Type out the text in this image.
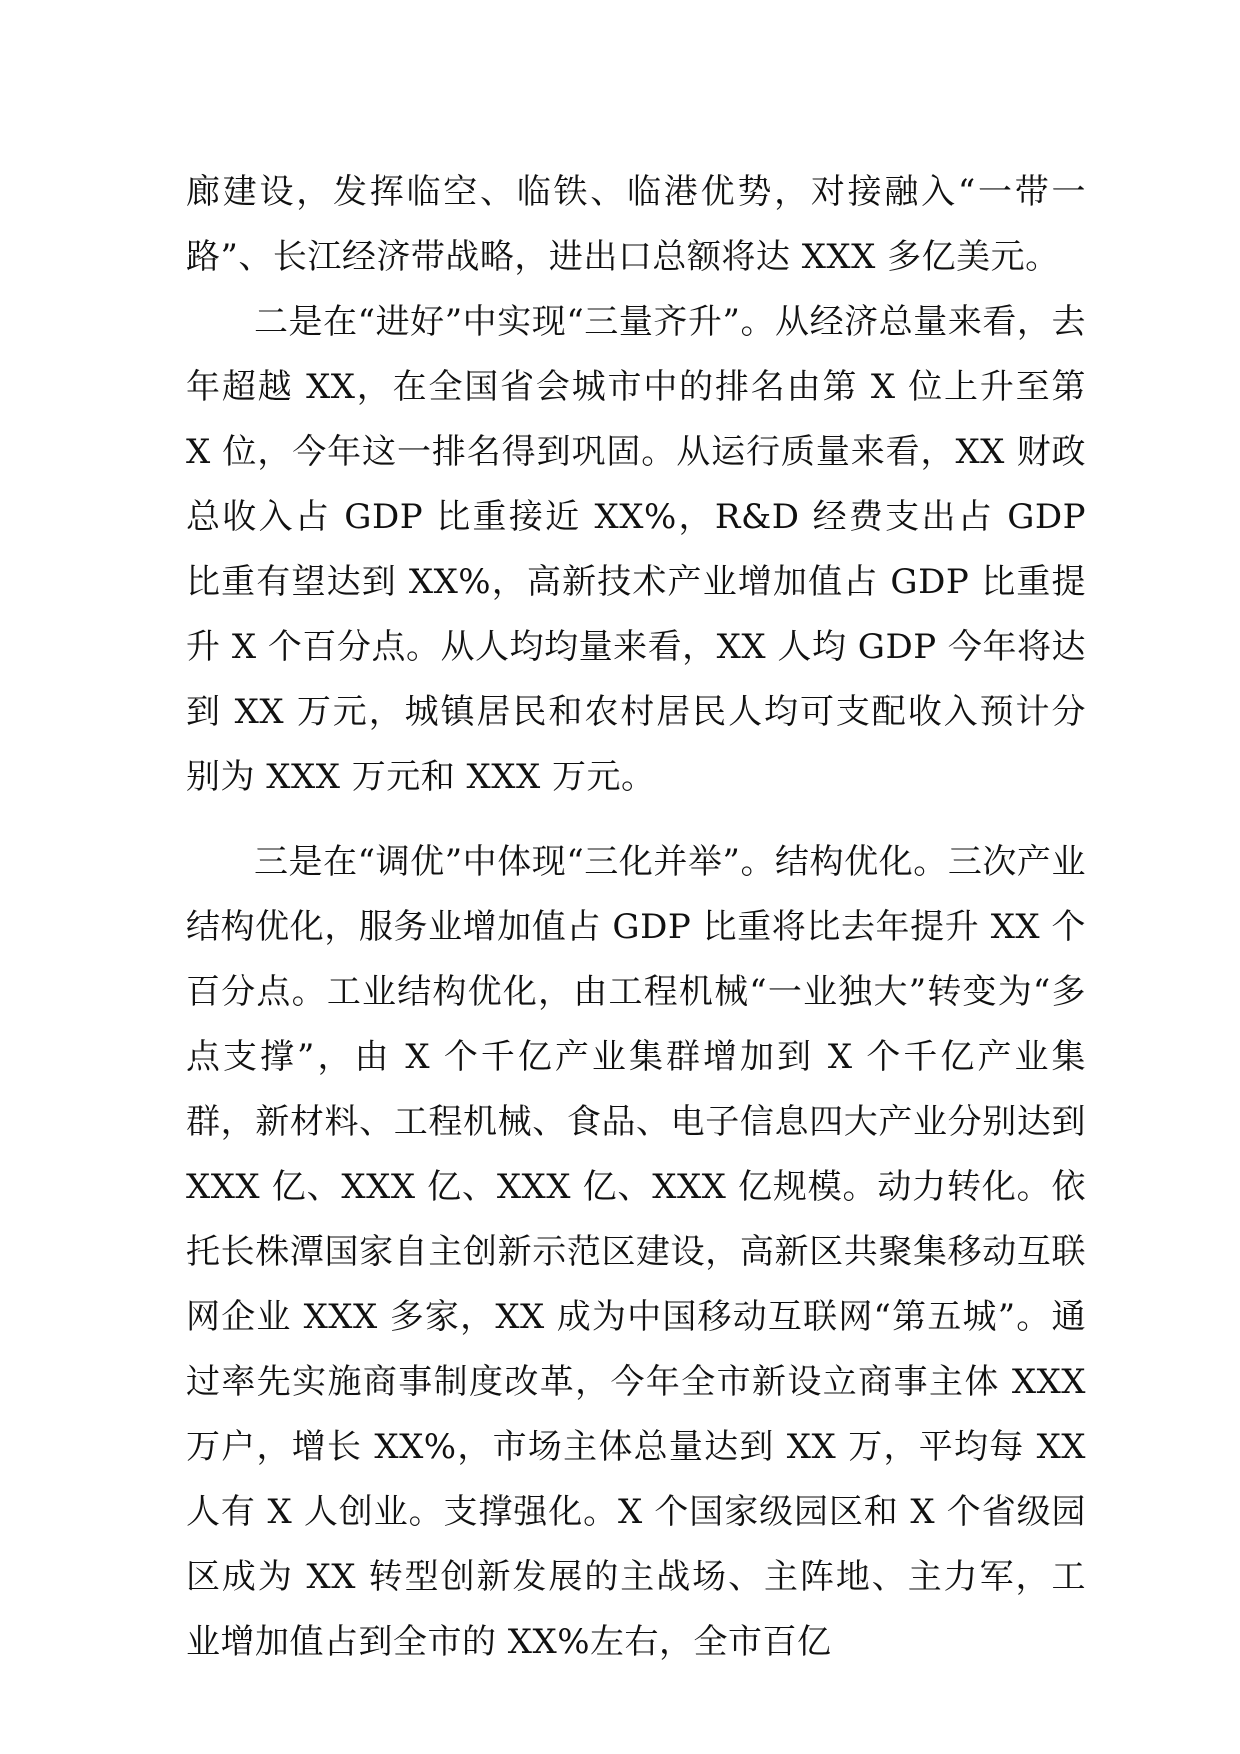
廊建设，发挥临空、临铁、临港优势，对接融入“一带一路”、长江经济带战略，进出口总额将达 XXX 多亿美元。

二是在“进好”中实现“三量齐升”。从经济总量来看，去年超越 XX，在全国省会城市中的排名由第 X 位上升至第 X 位，今年这一排名得到巩固。从运行质量来看，XX 财政总收入占 GDP 比重接近 XX%，R&D 经费支出占 GDP 比重有望达到 XX%，高新技术产业增加值占 GDP 比重提升 X 个百分点。从人均均量来看，XX 人均 GDP 今年将达到 XX 万元，城镇居民和农村居民人均可支配收入预计分别为 XXX 万元和 XXX 万元。

三是在“调优”中体现“三化并举”。结构优化。三次产业结构优化，服务业增加值占 GDP 比重将比去年提升 XX 个百分点。工业结构优化，由工程机械“一业独大”转变为“多点支撑”，由 X 个千亿产业集群增加到 X 个千亿产业集群，新材料、工程机械、食品、电子信息四大产业分别达到 XXX 亿、XXX 亿、XXX 亿、XXX 亿规模。动力转化。依托长株潭国家自主创新示范区建设，高新区共聚集移动互联网企业 XXX 多家，XX 成为中国移动互联网“第五城”。通过率先实施商事制度改革，今年全市新设立商事主体 XXX 万户，增长 XX%，市场主体总量达到 XX 万，平均每 XX 人有 X 人创业。支撑强化。X 个国家级园区和 X 个省级园区成为 XX 转型创新发展的主战场、主阵地、主力军，工业增加值占到全市的 XX%左右，全市百亿
